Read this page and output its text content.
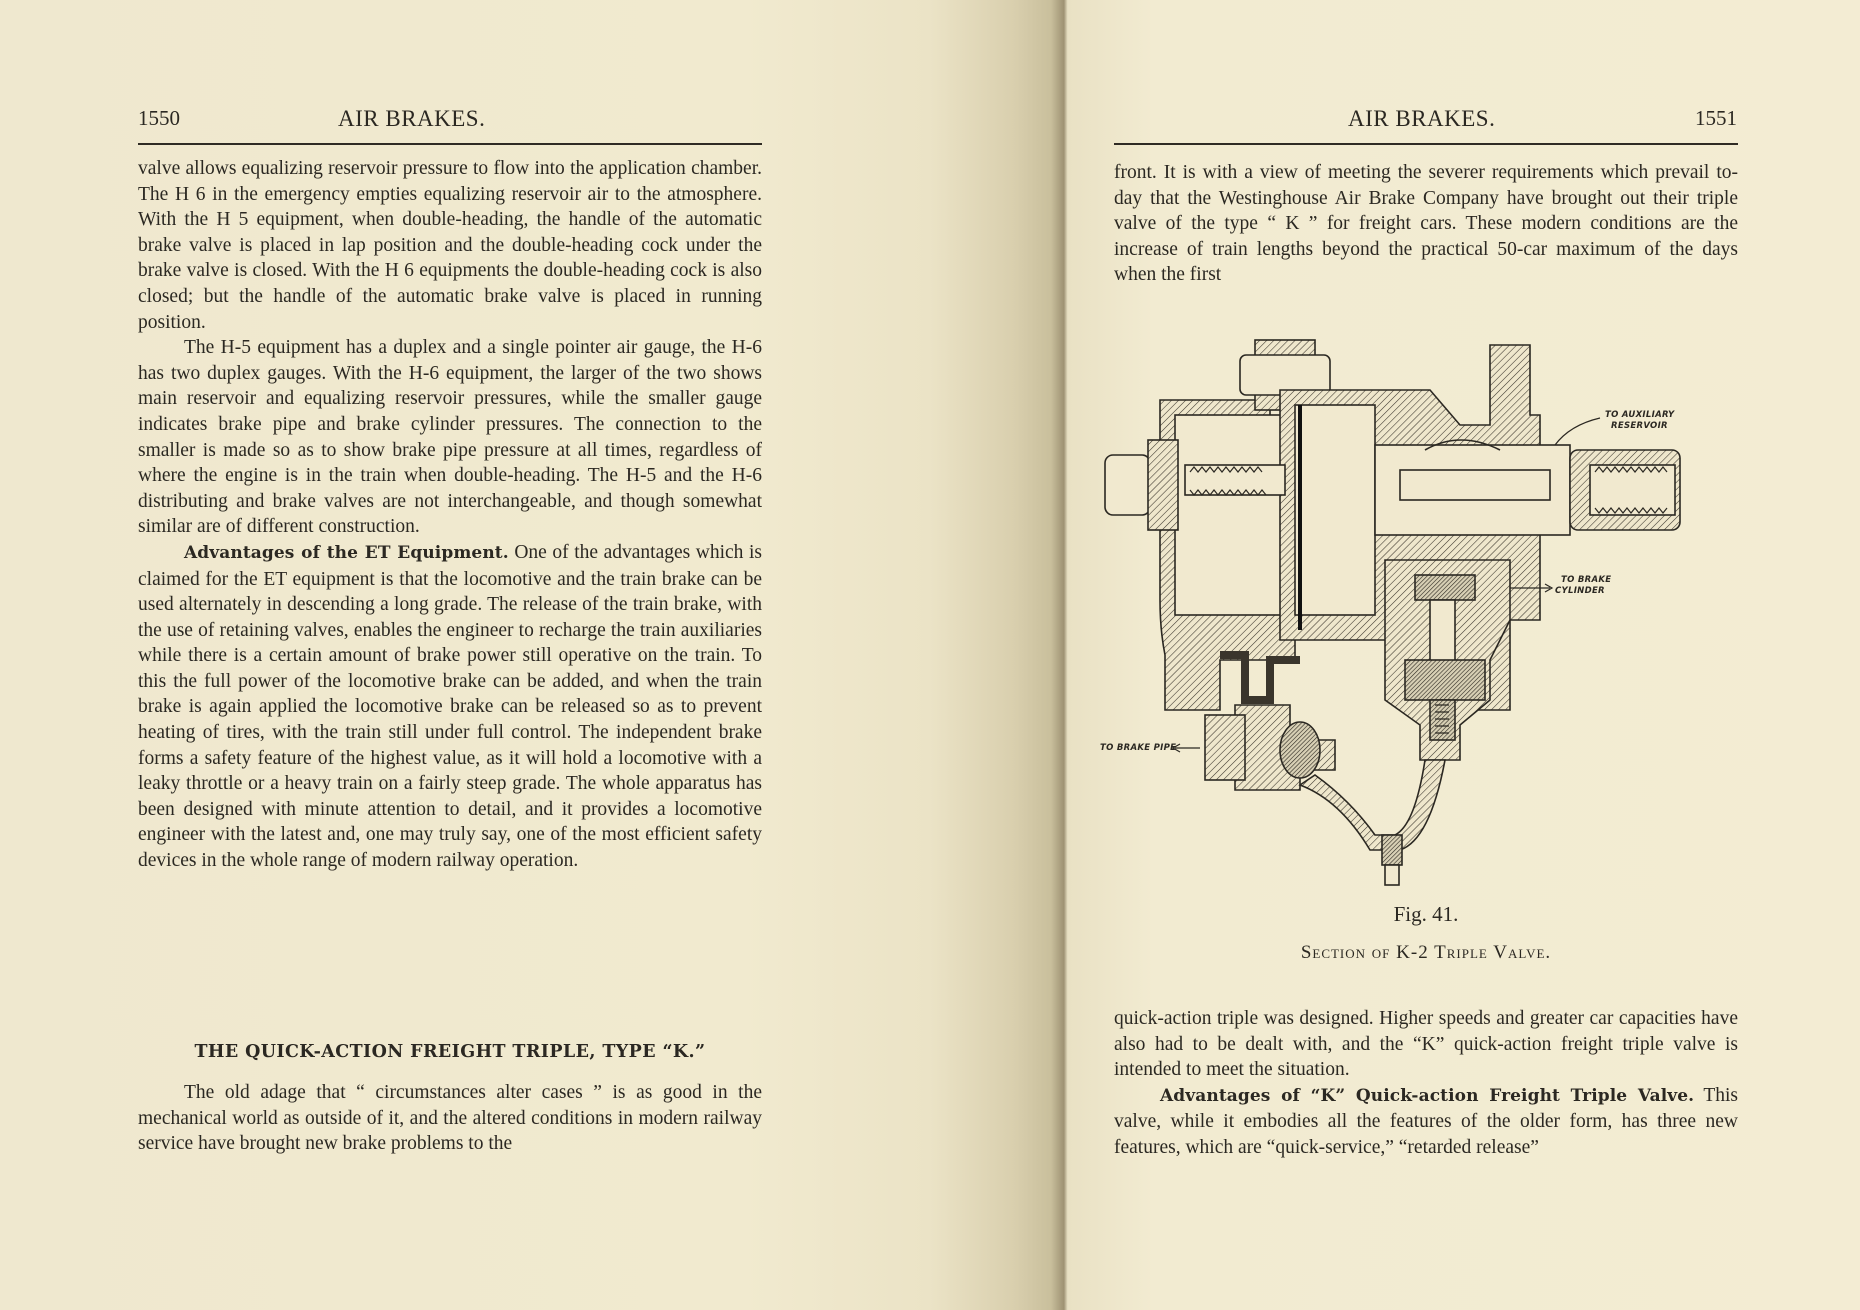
1550	AIR BRAKES.

valve allows equalizing reservoir pressure to flow into the application chamber. The H 6 in the emergency empties equalizing reservoir air to the atmosphere. With the H 5 equipment, when double-heading, the handle of the automatic brake valve is placed in lap position and the double-heading cock under the brake valve is closed. With the H 6 equipments the double-heading cock is also closed; but the handle of the automatic brake valve is placed in running position.

The H-5 equipment has a duplex and a single pointer air gauge, the H-6 has two duplex gauges. With the H-6 equipment, the larger of the two shows main reservoir and equalizing reservoir pressures, while the smaller gauge indicates brake pipe and brake cylinder pressures. The connection to the smaller is made so as to show brake pipe pressure at all times, regardless of where the engine is in the train when double-heading. The H-5 and the H-6 distributing and brake valves are not interchangeable, and though somewhat similar are of different construction.

Advantages of the ET Equipment. One of the advantages which is claimed for the ET equipment is that the locomotive and the train brake can be used alternately in descending a long grade. The release of the train brake, with the use of retaining valves, enables the engineer to recharge the train auxiliaries while there is a certain amount of brake power still operative on the train. To this the full power of the locomotive brake can be added, and when the train brake is again applied the locomotive brake can be released so as to prevent heating of tires, with the train still under full control. The independent brake forms a safety feature of the highest value, as it will hold a locomotive with a leaky throttle or a heavy train on a fairly steep grade. The whole apparatus has been designed with minute attention to detail, and it provides a locomotive engineer with the latest and, one may truly say, one of the most efficient safety devices in the whole range of modern railway operation.

THE QUICK-ACTION FREIGHT TRIPLE, TYPE “K.”

The old adage that “ circumstances alter cases ” is as good in the mechanical world as outside of it, and the altered conditions in modern railway service have brought new brake problems to the

AIR BRAKES.	1551

front. It is with a view of meeting the severer requirements which prevail to-day that the Westinghouse Air Brake Company have brought out their triple valve of the type “ K ” for freight cars. These modern conditions are the increase of train lengths beyond the practical 50-car maximum of the days when the first

TO AUXILIARY
RESERVOIR
TO BRAKE
CYLINDER
TO BRAKE PIPE
Fig. 41.
Section of K-2 Triple Valve.

quick-action triple was designed. Higher speeds and greater car capacities have also had to be dealt with, and the “K” quick-action freight triple valve is intended to meet the situation.

Advantages of “K” Quick-action Freight Triple Valve. This valve, while it embodies all the features of the older form, has three new features, which are “quick-service,” “retarded release”
